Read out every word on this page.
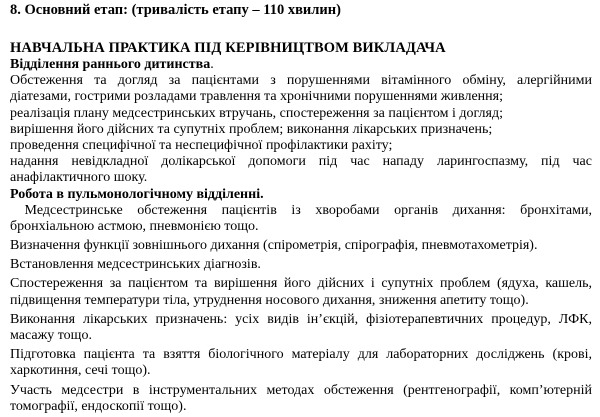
8. Основний етап: (тривалість етапу – 110 хвилин)
НАВЧАЛЬНА ПРАКТИКА ПІД КЕРІВНИЦТВОМ ВИКЛАДАЧА
Відділення раннього дитинства.
Обстеження та догляд за пацієнтами з порушеннями вітамінного обміну, алергійними
діатезами, гострими розладами травлення та хронічними порушеннями живлення;
реалізація плану медсестринських втручань, спостереження за пацієнтом і догляд;
вирішення його дійсних та супутніх проблем; виконання лікарських призначень;
проведення специфічної та неспецифічної профілактики рахіту;
надання невідкладної долікарської допомоги під час нападу ларингоспазму, під час
анафілактичного шоку.
Робота в пульмонологічному відділенні.
Медсестринське обстеження пацієнтів із хворобами органів дихання: бронхітами,
бронхіальною астмою, пневмонією тощо.
Визначення функції зовнішнього дихання (спірометрія, спірографія, пневмотахометрія).
Встановлення медсестринських діагнозів.
Спостереження за пацієнтом та вирішення його дійсних і супутніх проблем (ядуха, кашель,
підвищення температури тіла, утруднення носового дихання, зниження апетиту тощо).
Виконання лікарських призначень: усіх видів ін’єкцій, фізіотерапевтичних процедур, ЛФК,
масажу тощо.
Підготовка пацієнта та взяття біологічного матеріалу для лабораторних досліджень (крові,
харкотиння, сечі тощо).
Участь медсестри в інструментальних методах обстеження (рентгенографії, комп’ютерній
томографії, ендоскопії тощо).
